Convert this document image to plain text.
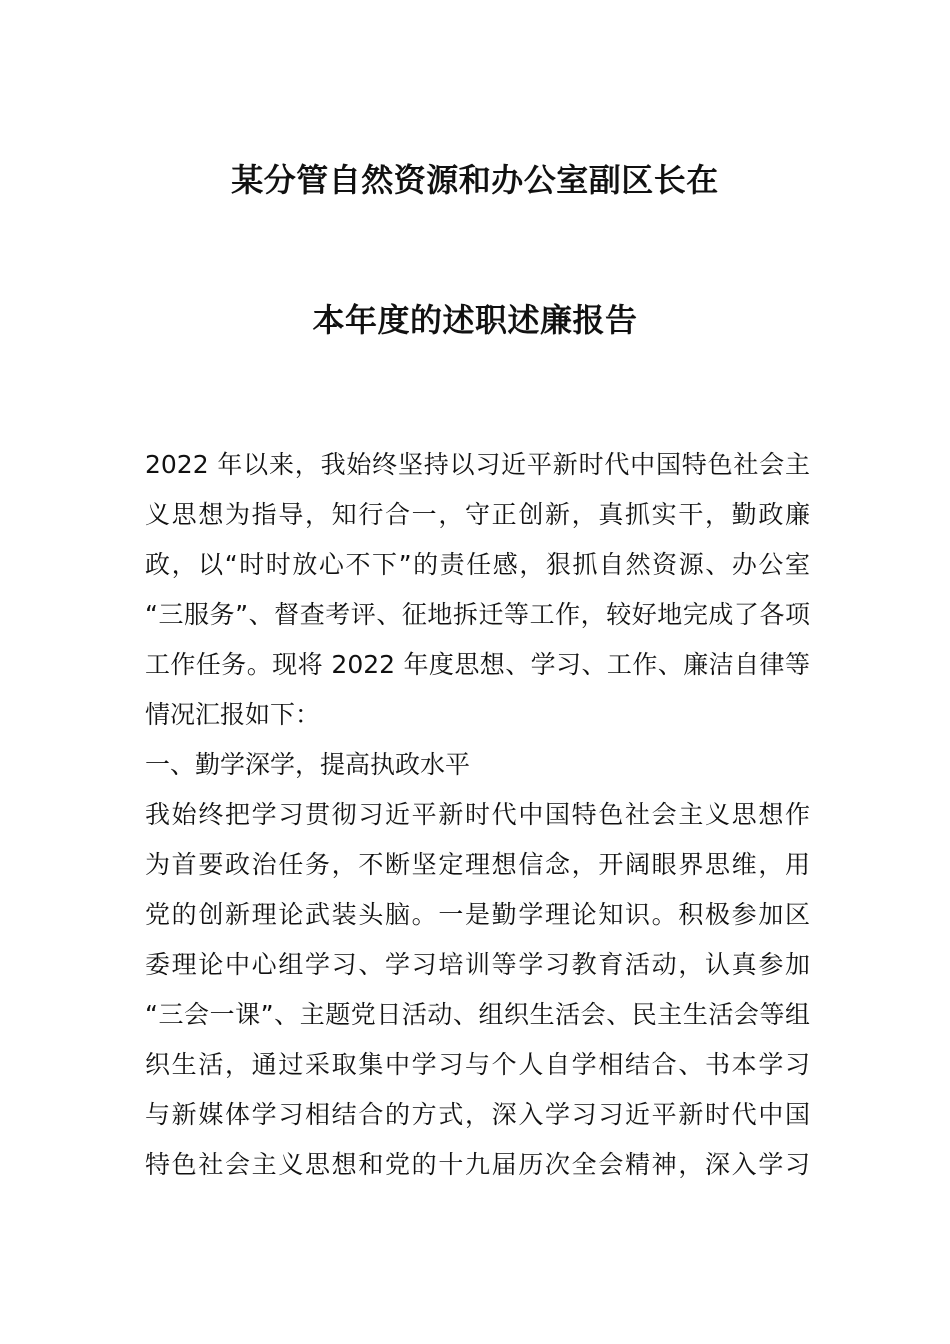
某分管自然资源和办公室副区长在
本年度的述职述廉报告
2022 年以来，我始终坚持以习近平新时代中国特色社会主
义思想为指导，知行合一，守正创新，真抓实干，勤政廉
政，以“时时放心不下”的责任感，狠抓自然资源、办公室
“三服务”、督查考评、征地拆迁等工作，较好地完成了各项
工作任务。现将 2022 年度思想、学习、工作、廉洁自律等
情况汇报如下：
一、勤学深学，提高执政水平
我始终把学习贯彻习近平新时代中国特色社会主义思想作
为首要政治任务，不断坚定理想信念，开阔眼界思维，用
党的创新理论武装头脑。一是勤学理论知识。积极参加区
委理论中心组学习、学习培训等学习教育活动，认真参加
“三会一课”、主题党日活动、组织生活会、民主生活会等组
织生活，通过采取集中学习与个人自学相结合、书本学习
与新媒体学习相结合的方式，深入学习习近平新时代中国
特色社会主义思想和党的十九届历次全会精神，深入学习
